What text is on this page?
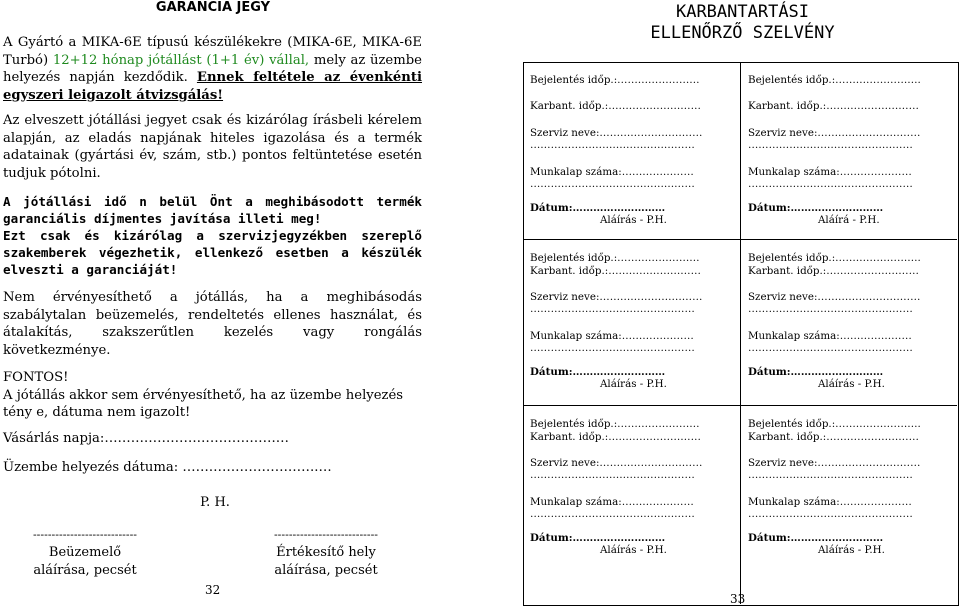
GARANCIA JEGY

A Gyártó a MIKA-6E típusú készülékekre (MIKA-6E, MIKA-6E Turbó) 12+12 hónap jótállást (1+1 év) vállal, mely az üzembe helyezés napján kezdődik. Ennek feltétele az évenkénti egyszeri leigazolt átvizsgálás!

Az elveszett jótállási jegyet csak és kizárólag írásbeli kérelem alapján, az eladás napjának hiteles igazolása és a termék adatainak (gyártási év, szám, stb.) pontos feltüntetése esetén tudjuk pótolni.

A jótállási idő n belül Önt a meghibásodott termék garanciális díjmentes javítása illeti meg!
Ezt csak és kizárólag a szervizjegyzékben szereplő szakemberek végezhetik, ellenkező esetben a készülék elveszti a garanciáját!

Nem érvényesíthető a jótállás, ha a meghibásodás szabálytalan beüzemelés, rendeltetés ellenes használat, és átalakítás, szakszerűtlen kezelés vagy rongálás következménye.

FONTOS!
A jótállás akkor sem érvényesíthető, ha az üzembe helyezés tény e, dátuma nem igazolt!

Vásárlás napja:……………………………………

Üzembe helyezés dátuma: ………………………….…

P. H.
----------------------------
Beüzemelő
aláírása, pecsét
----------------------------
Értékesítő hely
aláírása, pecsét
32
KARBANTARTÁSI
ELLENŐRZŐ SZELVÉNY
Bejelentés időp.:……………………
Karbant. időp.:………………………
Szerviz neve:…………………………
…………………………………………
Munkalap száma:…………………
…………………………………………
Dátum:………………………
Aláírás - P.H.
Bejelentés időp.:…………………….
Karbant. időp.:………………………
Szerviz neve:…………………………
…………………………………………
Munkalap száma:…………………
…………………………………………
Dátum:………………………
Aláírá - P.H.
Bejelentés időp.:……………………
Karbant. időp.:………………………
Szerviz neve:…………………………
…………………………………………
Munkalap száma:…………………
…………………………………………
Dátum:………………………
Aláírás - P.H.
Bejelentés időp.:…………………….
Karbant. időp.:………………………
Szerviz neve:…………………………
…………………………………………
Munkalap száma:…………………
…………………………………………
Dátum:………………………
Aláírás - P.H.
Bejelentés időp.:……………………
Karbant. időp.:………………………
Szerviz neve:…………………………
…………………………………………
Munkalap száma:…………………
…………………………………………
Dátum:………………………
Aláírás - P.H.
Bejelentés időp.:…………………….
Karbant. időp.:………………………
Szerviz neve:…………………………
…………………………………………
Munkalap száma:…………………
…………………………………………
Dátum:………………………
Aláírás - P.H.
33
